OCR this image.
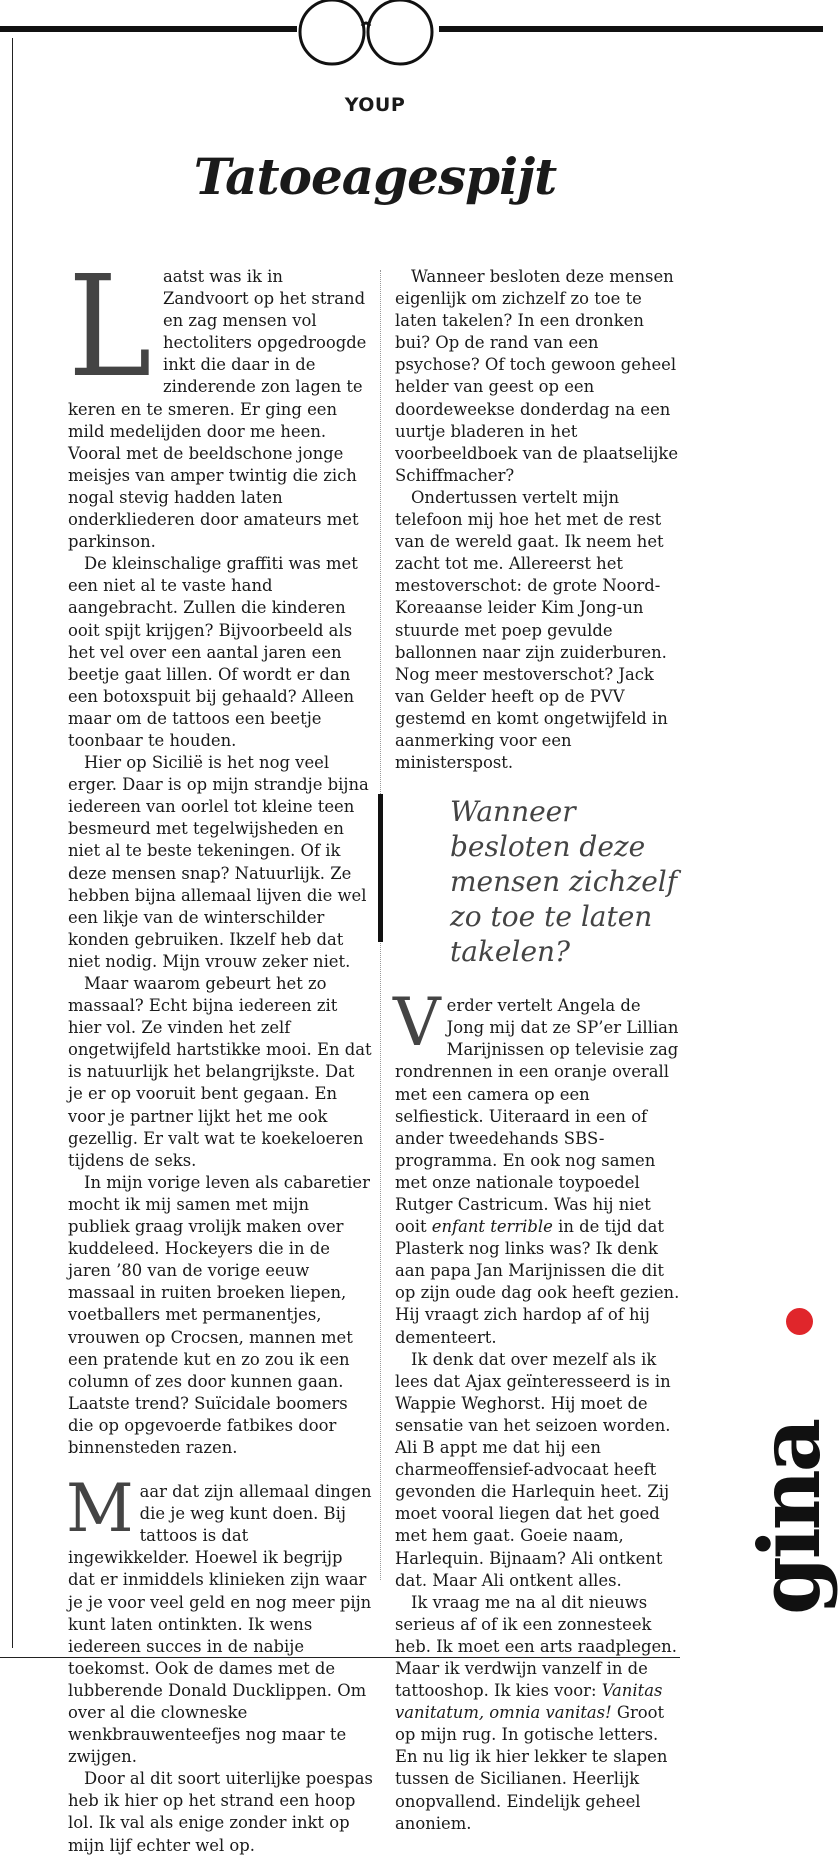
YOUP
Tatoeagespijt

Laatst was ik in Zandvoort op het strand en zag mensen vol hectoliters opgedroogde inkt die daar in de zinderende zon lagen te keren en te smeren. Er ging een mild medelijden door me heen. Vooral met de beeldschone jonge meisjes van amper twintig die zich nogal stevig hadden laten onderkliederen door amateurs met parkinson.

De kleinschalige graffiti was met een niet al te vaste hand aangebracht. Zullen die kinderen ooit spijt krijgen? Bijvoorbeeld als het vel over een aantal jaren een beetje gaat lillen. Of wordt er dan een botoxspuit bij gehaald? Alleen maar om de tattoos een beetje toonbaar te houden.

Hier op Sicilië is het nog veel erger. Daar is op mijn strandje bijna iedereen van oorlel tot kleine teen besmeurd met tegelwijsheden en niet al te beste tekeningen. Of ik deze mensen snap? Natuurlijk. Ze hebben bijna allemaal lijven die wel een likje van de winterschilder konden gebruiken. Ikzelf heb dat niet nodig. Mijn vrouw zeker niet.

Maar waarom gebeurt het zo massaal? Echt bijna iedereen zit hier vol. Ze vinden het zelf ongetwijfeld hartstikke mooi. En dat is natuurlijk het belangrijkste. Dat je er op vooruit bent gegaan. En voor je partner lijkt het me ook gezellig. Er valt wat te koekeloeren tijdens de seks.

In mijn vorige leven als cabaretier mocht ik mij samen met mijn publiek graag vrolijk maken over kuddeleed. Hockeyers die in de jaren ’80 van de vorige eeuw massaal in ruiten broeken liepen, voetballers met permanentjes, vrouwen op Crocsen, mannen met een pratende kut en zo zou ik een column of zes door kunnen gaan. Laatste trend? Suïcidale boomers die op opgevoerde fatbikes door binnensteden razen.

Maar dat zijn allemaal dingen die je weg kunt doen. Bij tattoos is dat ingewikkelder. Hoewel ik begrijp dat er inmiddels klinieken zijn waar je je voor veel geld en nog meer pijn kunt laten ontinkten. Ik wens iedereen succes in de nabije toekomst. Ook de dames met de lubberende Donald Ducklippen. Om over al die clowneske wenkbrauwenteefjes nog maar te zwijgen.

Door al dit soort uiterlijke poespas heb ik hier op het strand een hoop lol. Ik val als enige zonder inkt op mijn lijf echter wel op.

Wanneer besloten deze mensen eigenlijk om zichzelf zo toe te laten takelen? In een dronken bui? Op de rand van een psychose? Of toch gewoon geheel helder van geest op een doordeweekse donderdag na een uurtje bladeren in het voorbeeldboek van de plaatselijke Schiffmacher?

Ondertussen vertelt mijn telefoon mij hoe het met de rest van de wereld gaat. Ik neem het zacht tot me. Allereerst het mestoverschot: de grote Noord-Koreaanse leider Kim Jong-un stuurde met poep gevulde ballonnen naar zijn zuiderburen. Nog meer mestoverschot? Jack van Gelder heeft op de PVV gestemd en komt ongetwijfeld in aanmerking voor een ministerspost.

Wanneer besloten deze mensen zichzelf zo toe te laten takelen?

Verder vertelt Angela de Jong mij dat ze SP’er Lillian Marijnissen op televisie zag rondrennen in een oranje overall met een camera op een selfiestick. Uiteraard in een of ander tweedehands SBS-programma. En ook nog samen met onze nationale toypoedel Rutger Castricum. Was hij niet ooit enfant terrible in de tijd dat Plasterk nog links was? Ik denk aan papa Jan Marijnissen die dit op zijn oude dag ook heeft gezien. Hij vraagt zich hardop af of hij dementeert.

Ik denk dat over mezelf als ik lees dat Ajax geïnteresseerd is in Wappie Weghorst. Hij moet de sensatie van het seizoen worden. Ali B appt me dat hij een charmeoffensief-advocaat heeft gevonden die Harlequin heet. Zij moet vooral liegen dat het goed met hem gaat. Goeie naam, Harlequin. Bijnaam? Ali ontkent dat. Maar Ali ontkent alles.

Ik vraag me na al dit nieuws serieus af of ik een zonnesteek heb. Ik moet een arts raadplegen. Maar ik verdwijn vanzelf in de tattooshop. Ik kies voor: Vanitas vanitatum, omnia vanitas! Groot op mijn rug. In gotische letters. En nu lig ik hier lekker te slapen tussen de Sicilianen. Heerlijk onopvallend. Eindelijk geheel anoniem.

gina
